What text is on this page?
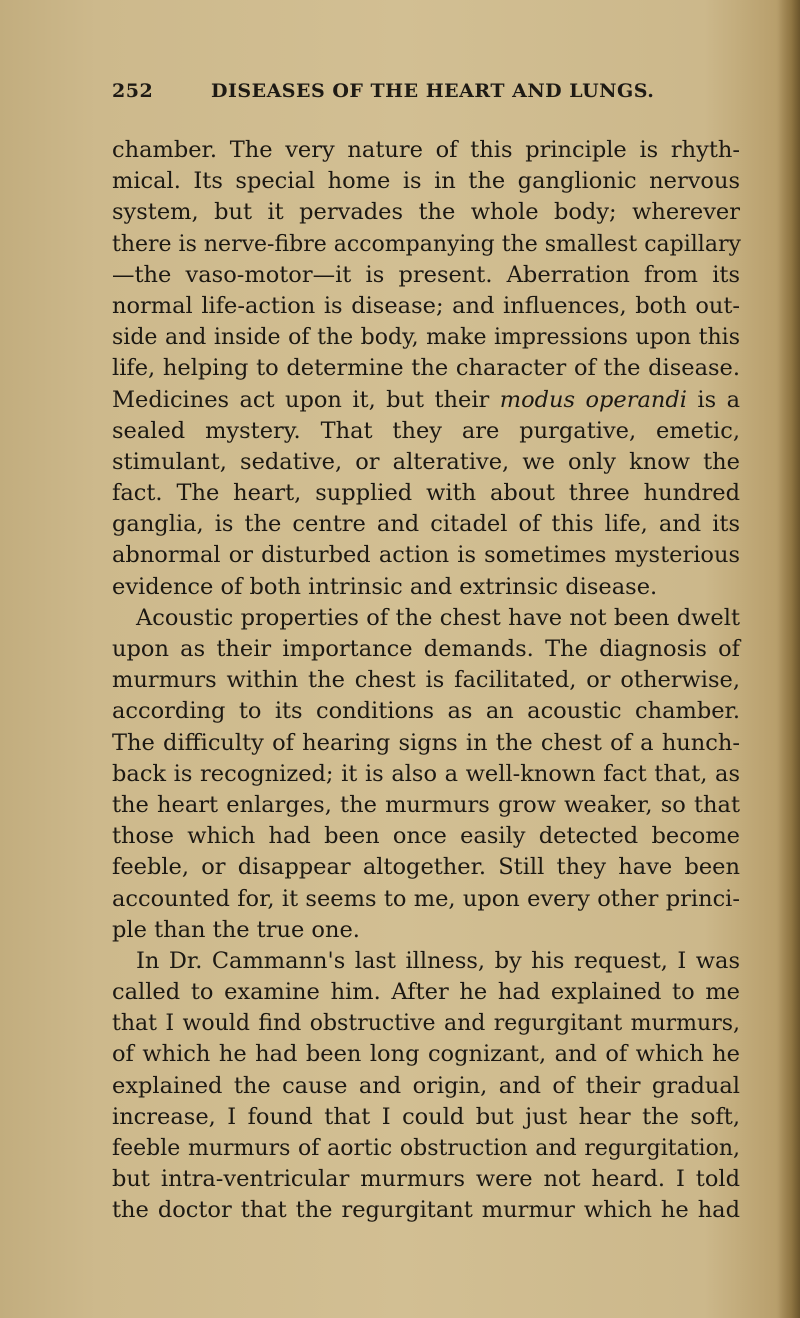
252	DISEASES OF THE HEART AND LUNGS.
chamber. The very nature of this principle is rhyth-
mical. Its special home is in the ganglionic nervous
system, but it pervades the whole body; wherever
there is nerve-fibre accompanying the smallest capillary
—the vaso-motor—it is present. Aberration from its
normal life-action is disease; and influences, both out-
side and inside of the body, make impressions upon this
life, helping to determine the character of the disease.
Medicines act upon it, but their modus operandi is a
sealed mystery. That they are purgative, emetic,
stimulant, sedative, or alterative, we only know the
fact. The heart, supplied with about three hundred
ganglia, is the centre and citadel of this life, and its
abnormal or disturbed action is sometimes mysterious
evidence of both intrinsic and extrinsic disease.
Acoustic properties of the chest have not been dwelt
upon as their importance demands. The diagnosis of
murmurs within the chest is facilitated, or otherwise,
according to its conditions as an acoustic chamber.
The difficulty of hearing signs in the chest of a hunch-
back is recognized; it is also a well-known fact that, as
the heart enlarges, the murmurs grow weaker, so that
those which had been once easily detected become
feeble, or disappear altogether. Still they have been
accounted for, it seems to me, upon every other princi-
ple than the true one.
In Dr. Cammann's last illness, by his request, I was
called to examine him. After he had explained to me
that I would find obstructive and regurgitant murmurs,
of which he had been long cognizant, and of which he
explained the cause and origin, and of their gradual
increase, I found that I could but just hear the soft,
feeble murmurs of aortic obstruction and regurgitation,
but intra-ventricular murmurs were not heard. I told
the doctor that the regurgitant murmur which he had
